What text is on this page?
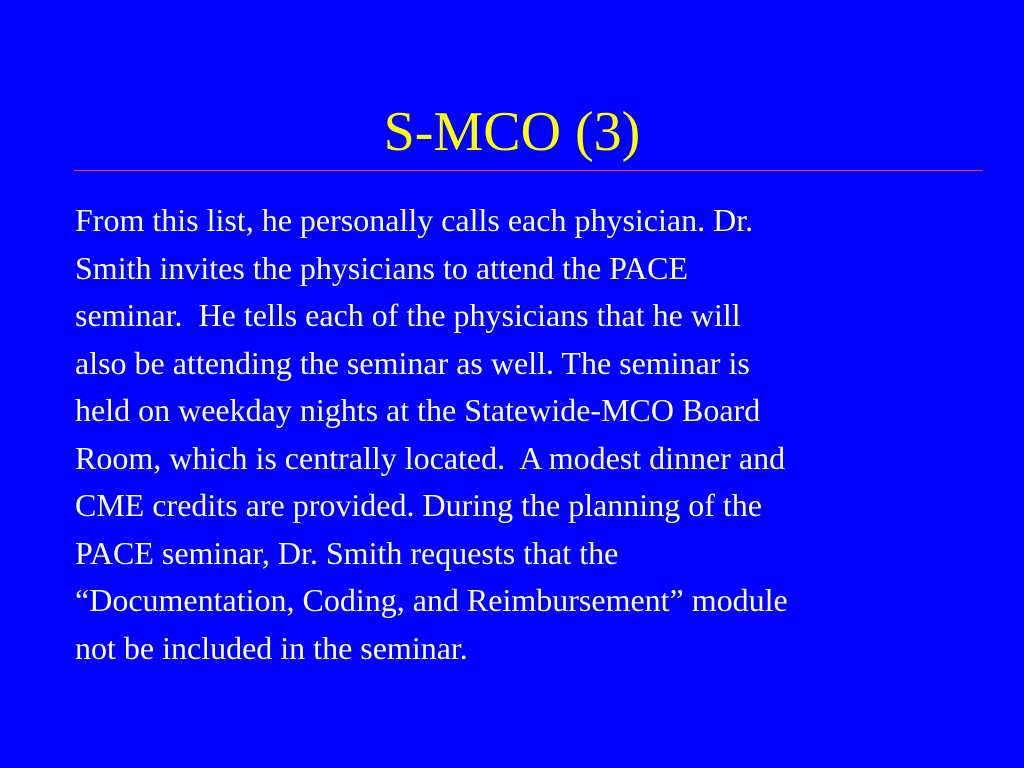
S-MCO (3)

From this list, he personally calls each physician. Dr.
Smith invites the physicians to attend the PACE
seminar.  He tells each of the physicians that he will
also be attending the seminar as well. The seminar is
held on weekday nights at the Statewide-MCO Board
Room, which is centrally located.  A modest dinner and
CME credits are provided. During the planning of the
PACE seminar, Dr. Smith requests that the
“Documentation, Coding, and Reimbursement” module
not be included in the seminar.
